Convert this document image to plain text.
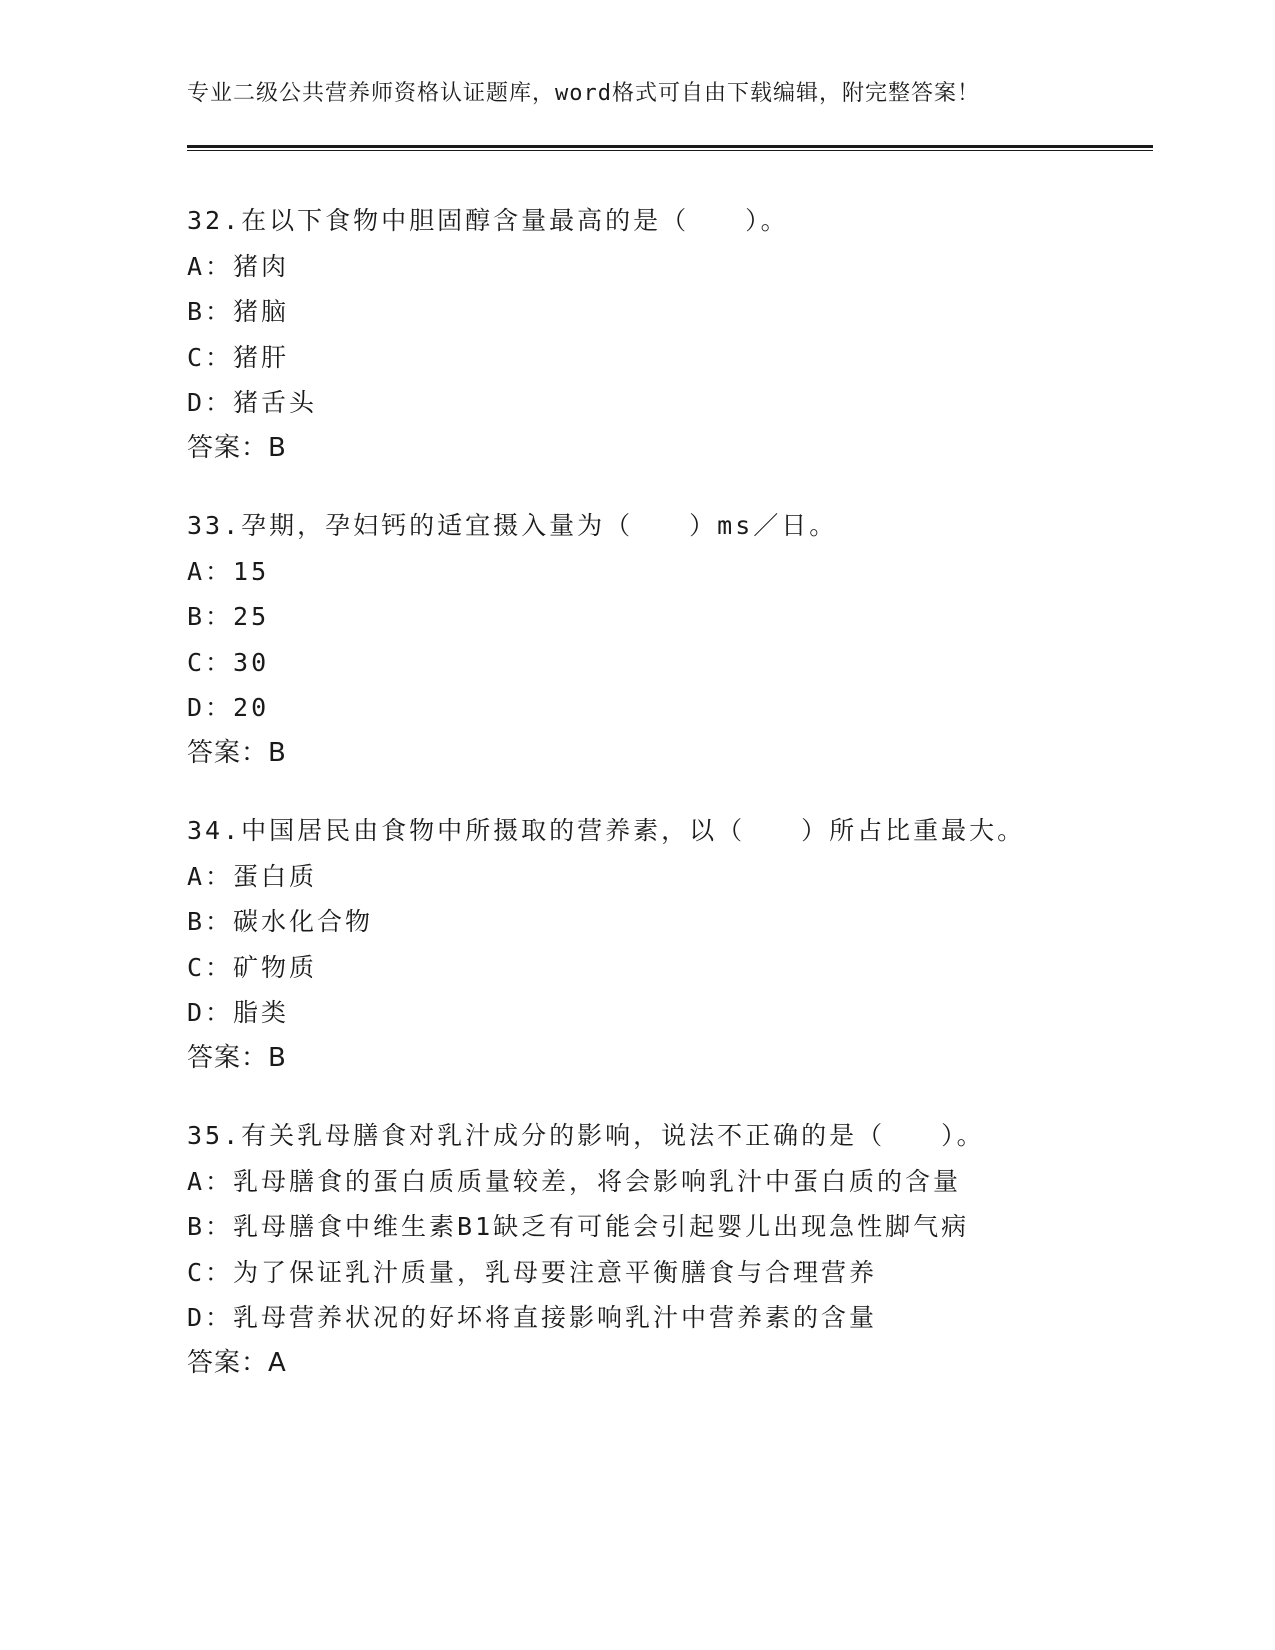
专业二级公共营养师资格认证题库，word格式可自由下载编辑，附完整答案！
32.在以下食物中胆固醇含量最高的是（　　）。
A：猪肉
B：猪脑
C：猪肝
D：猪舌头
答案：B
33.孕期，孕妇钙的适宜摄入量为（　　）ms／日。
A：15
B：25
C：30
D：20
答案：B
34.中国居民由食物中所摄取的营养素，以（　　）所占比重最大。
A：蛋白质
B：碳水化合物
C：矿物质
D：脂类
答案：B
35.有关乳母膳食对乳汁成分的影响，说法不正确的是（　　）。
A：乳母膳食的蛋白质质量较差，将会影响乳汁中蛋白质的含量
B：乳母膳食中维生素B1缺乏有可能会引起婴儿出现急性脚气病
C：为了保证乳汁质量，乳母要注意平衡膳食与合理营养
D：乳母营养状况的好坏将直接影响乳汁中营养素的含量
答案：A
